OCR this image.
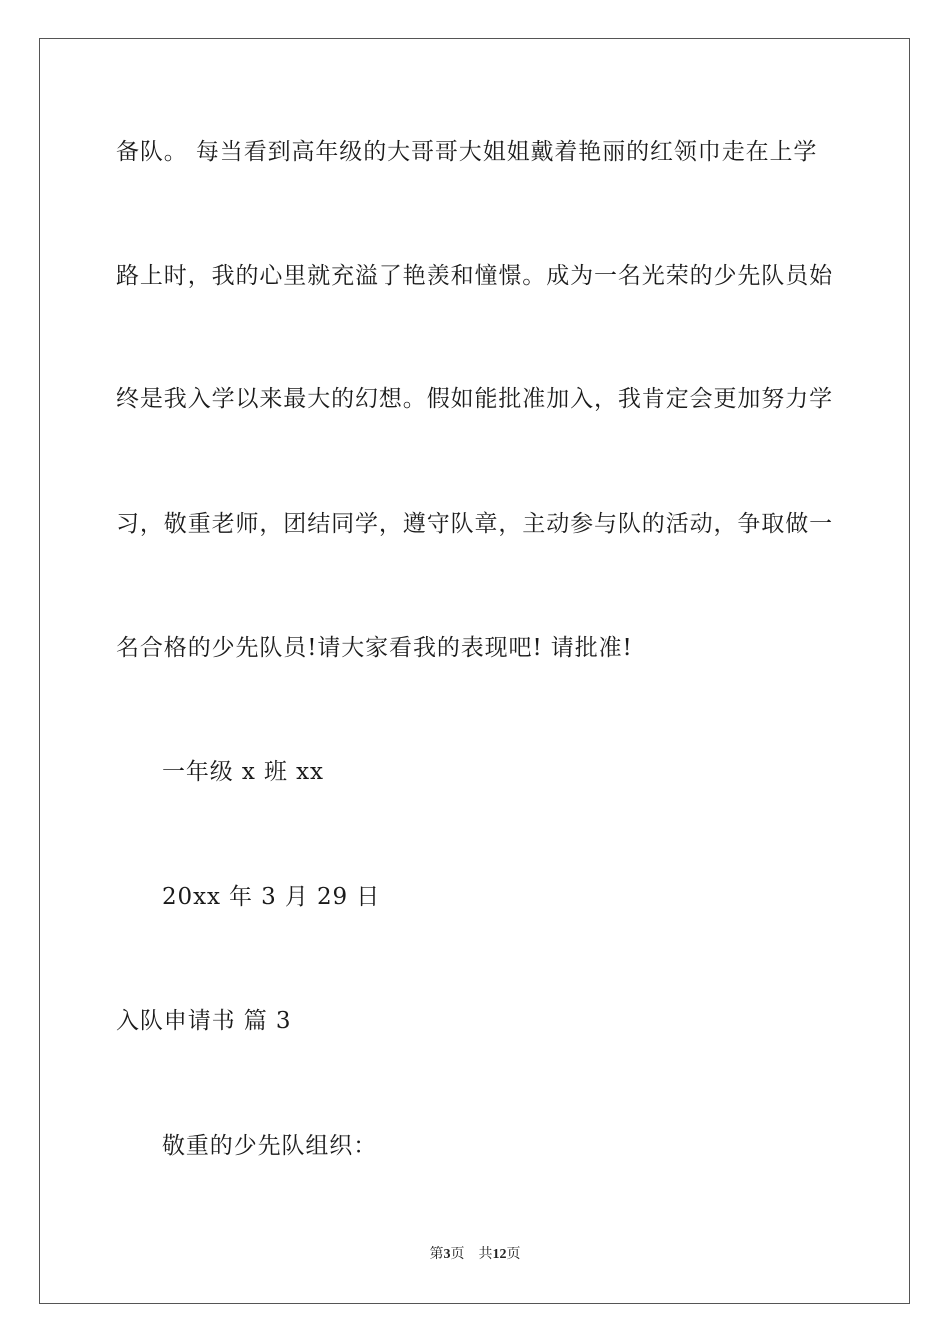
备队。 每当看到高年级的大哥哥大姐姐戴着艳丽的红领巾走在上学
路上时，我的心里就充溢了艳羡和憧憬。成为一名光荣的少先队员始
终是我入学以来最大的幻想。假如能批准加入，我肯定会更加努力学
习，敬重老师，团结同学，遵守队章，主动参与队的活动，争取做一
名合格的少先队员!请大家看我的表现吧! 请批准!
一年级 x 班 xx
20xx 年 3 月 29 日
入队申请书 篇 3
敬重的少先队组织：
第3页 共12页
